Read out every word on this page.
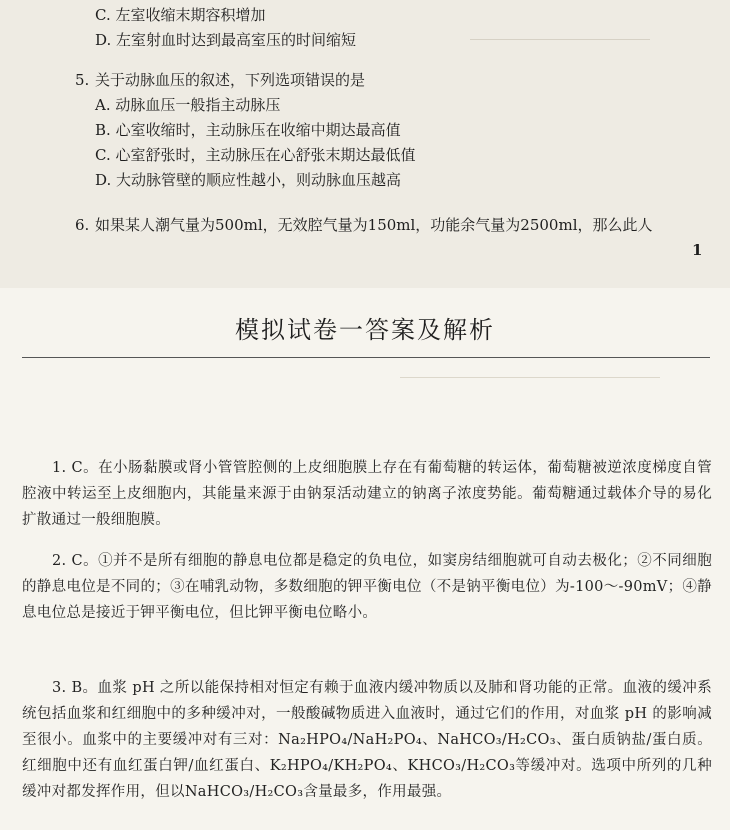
C. 左室收缩末期容积增加
D. 左室射血时达到最高室压的时间缩短
5. 关于动脉血压的叙述，下列选项错误的是
A. 动脉血压一般指主动脉压
B. 心室收缩时，主动脉压在收缩中期达最高值
C. 心室舒张时，主动脉压在心舒张末期达最低值
D. 大动脉管壁的顺应性越小，则动脉血压越高
6. 如果某人潮气量为500ml，无效腔气量为150ml，功能余气量为2500ml，那么此人
1
模拟试卷一答案及解析

1. C。在小肠黏膜或肾小管管腔侧的上皮细胞膜上存在有葡萄糖的转运体，葡萄糖被逆浓度梯度自管腔液中转运至上皮细胞内，其能量来源于由钠泵活动建立的钠离子浓度势能。葡萄糖通过载体介导的易化扩散通过一般细胞膜。

2. C。①并不是所有细胞的静息电位都是稳定的负电位，如窦房结细胞就可自动去极化；②不同细胞的静息电位是不同的；③在哺乳动物，多数细胞的钾平衡电位（不是钠平衡电位）为-100～-90mV；④静息电位总是接近于钾平衡电位，但比钾平衡电位略小。

3. B。血浆 pH 之所以能保持相对恒定有赖于血液内缓冲物质以及肺和肾功能的正常。血液的缓冲系统包括血浆和红细胞中的多种缓冲对，一般酸碱物质进入血液时，通过它们的作用，对血浆 pH 的影响减至很小。血浆中的主要缓冲对有三对：Na₂HPO₄/NaH₂PO₄、NaHCO₃/H₂CO₃、蛋白质钠盐/蛋白质。红细胞中还有血红蛋白钾/血红蛋白、K₂HPO₄/KH₂PO₄、KHCO₃/H₂CO₃等缓冲对。选项中所列的几种缓冲对都发挥作用，但以NaHCO₃/H₂CO₃含量最多，作用最强。
